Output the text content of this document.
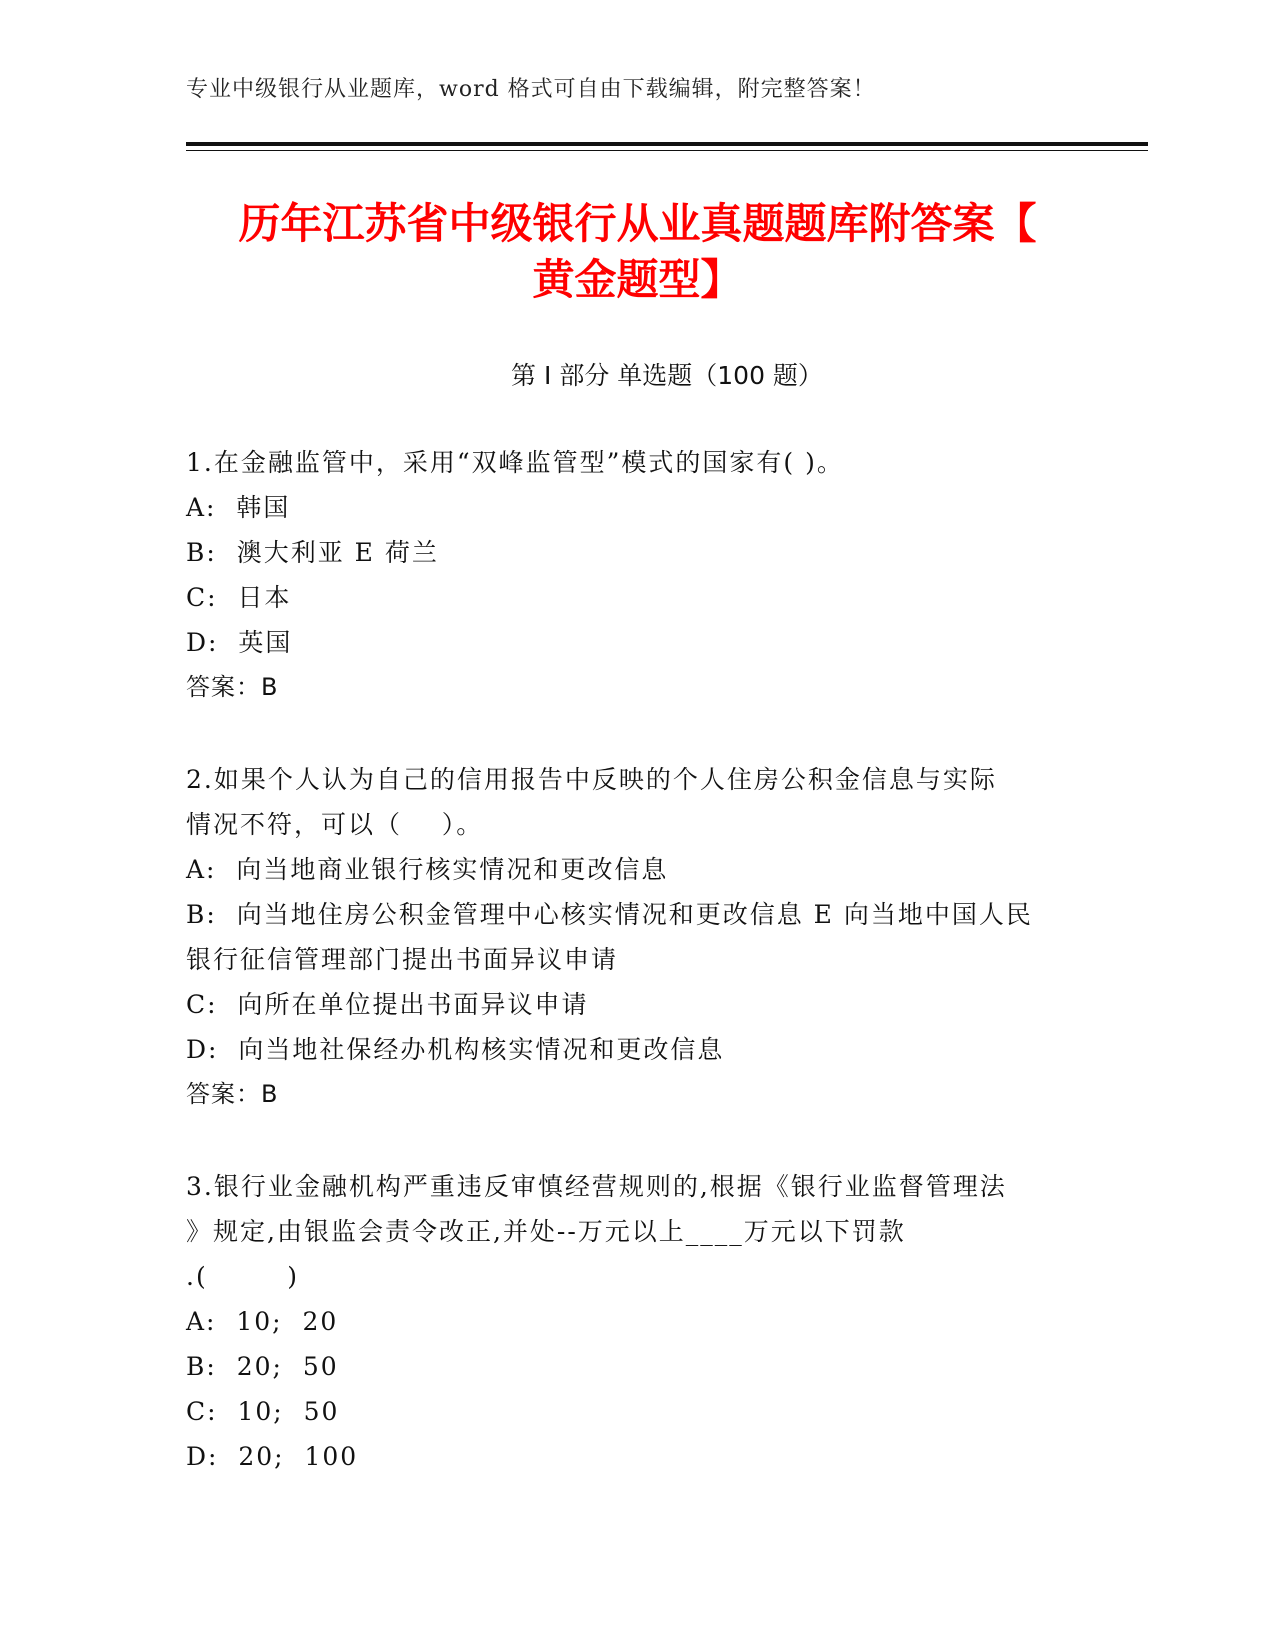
专业中级银行从业题库，word 格式可自由下载编辑，附完整答案！
历年江苏省中级银行从业真题题库附答案【
黄金题型】
第 I 部分 单选题（100 题）
1.在金融监管中，采用“双峰监管型”模式的国家有( )。
A:  韩国
B:  澳大利亚 E 荷兰
C:  日本
D:  英国
答案：B
2.如果个人认为自己的信用报告中反映的个人住房公积金信息与实际
情况不符，可以（    ）。
A:  向当地商业银行核实情况和更改信息
B:  向当地住房公积金管理中心核实情况和更改信息 E 向当地中国人民
银行征信管理部门提出书面异议申请
C:  向所在单位提出书面异议申请
D:  向当地社保经办机构核实情况和更改信息
答案：B
3.银行业金融机构严重违反审慎经营规则的,根据《银行业监督管理法
》规定,由银监会责令改正,并处--万元以上____万元以下罚款
.(        )
A:  10;  20
B:  20;  50
C:  10;  50
D:  20;  100
